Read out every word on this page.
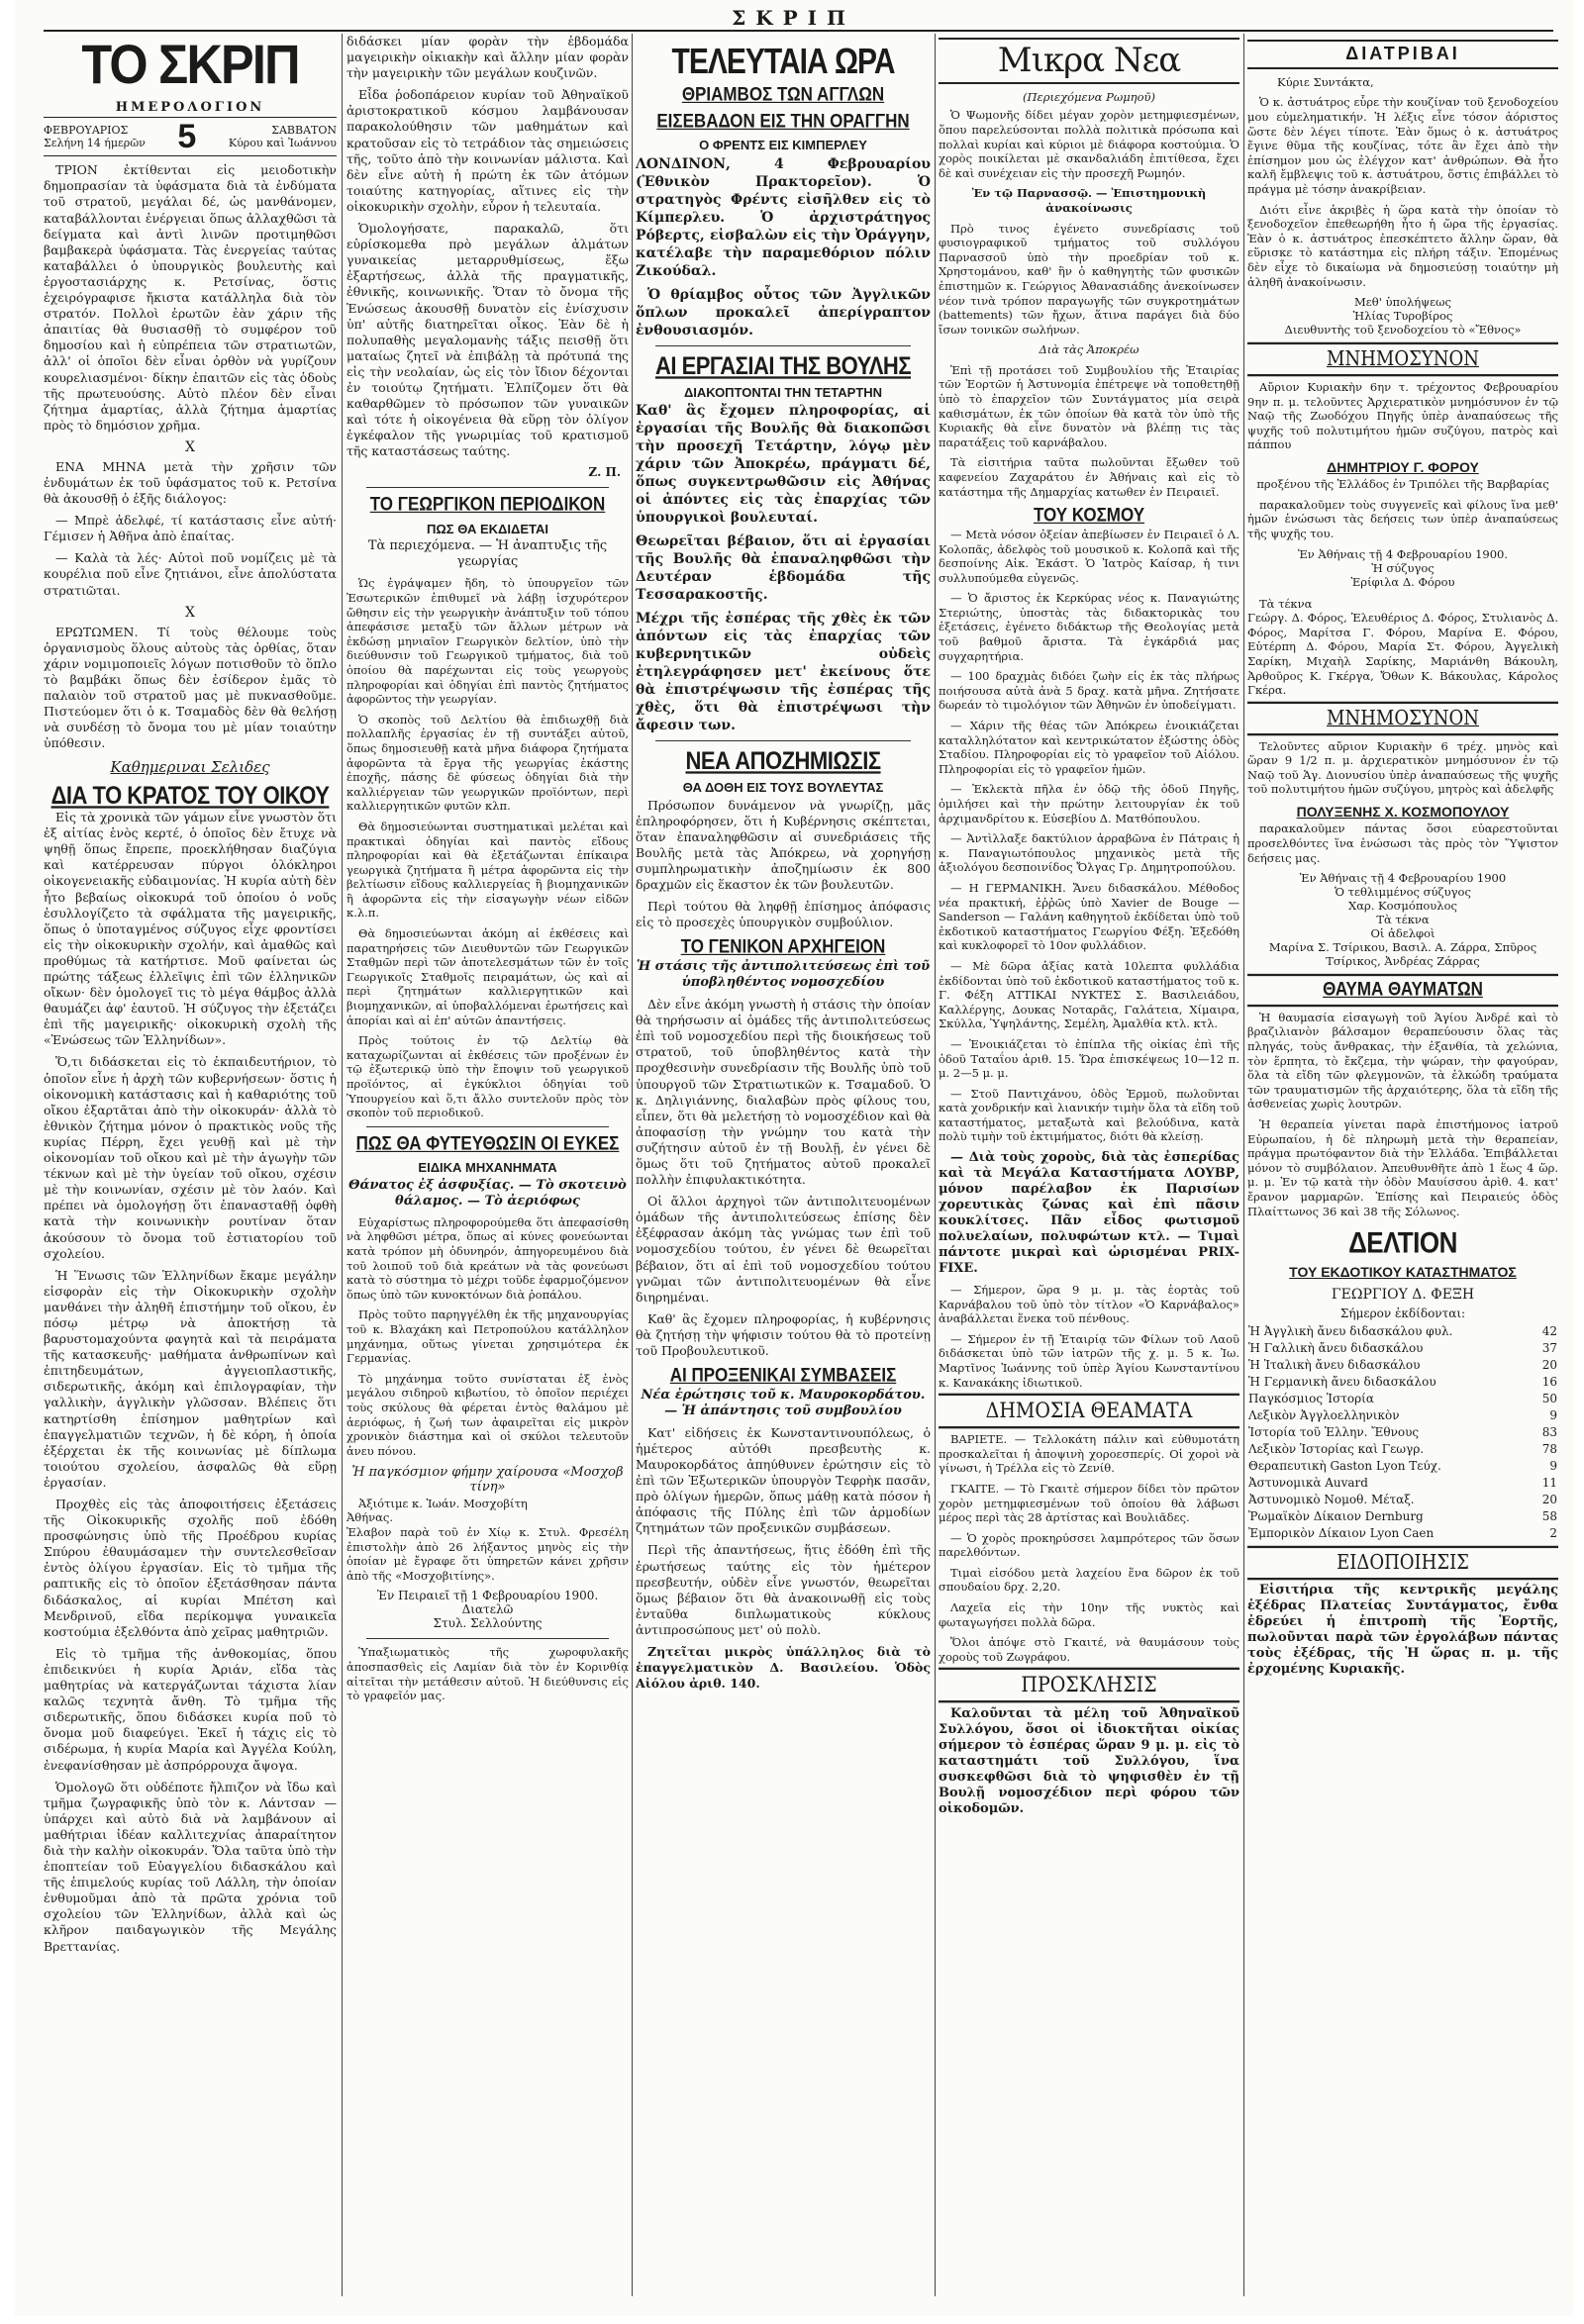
ΣΚΡΙΠ
ΤΟ ΣΚΡΙΠ
ΗΜΕΡΟΛΟΓΙΟΝ
ΦΕΒΡΟΥΑΡΙΟΣ
Σελήνη 14 ήμερῶν 5	ΣΑΒΒΑΤΟΝ
Κύρου καὶ Ἰωάννου

ΤΡΙΟΝ ἐκτίθενται εἰς μειοδοτικὴν δημοπρασίαν τὰ ὑφάσματα διὰ τὰ ἐνδύματα τοῦ στρατοῦ, μεγάλαι δέ, ὡς μανθάνομεν, καταβάλλονται ἐνέργειαι ὅπως ἀλλαχθῶσι τὰ δείγματα καὶ ἀντὶ λινῶν προτιμηθῶσι βαμβακερὰ ὑφάσματα. Τὰς ἐνεργείας ταύτας καταβάλλει ὁ ὑπουργικὸς βουλευτὴς καὶ ἐργοστασιάρχης κ. Ρετσίνας, ὅστις ἐχειρόγραφισε ἤκιστα κατάλληλα διὰ τὸν στρατόν. Πολλοὶ ἐρωτῶν ἐὰν χάριν τῆς ἀπαιτίας θὰ θυσιασθῇ τὸ συμφέρον τοῦ δημοσίου καὶ ἡ εὐπρέπεια τῶν στρατιωτῶν, ἀλλ' οἱ ὁποῖοι δὲν εἶναι ὀρθὸν νὰ γυρίζουν κουρελιασμένοι· δίκην ἐπαιτῶν εἰς τὰς ὁδοὺς τῆς πρωτευούσης. Αὐτὸ πλέον δὲν εἶναι ζήτημα ἁμαρτίας, ἀλλὰ ζήτημα ἁμαρτίας πρὸς τὸ δημόσιον χρῆμα.

Χ

ΕΝΑ ΜΗΝΑ μετὰ τὴν χρῆσιν τῶν ἐνδυμάτων ἐκ τοῦ ὑφάσματος τοῦ κ. Ρετσίνα θὰ ἀκουσθῇ ὁ ἑξῆς διάλογος:

— Μπρὲ ἀδελφέ, τί κατάστασις εἶνε αὐτή· Γέμισεν ἡ Ἀθῆνα ἀπὸ ἐπαίτας.

— Καλὰ τὰ λές· Αὐτοὶ ποῦ νομίζεις μὲ τὰ κουρέλια ποῦ εἶνε ζητιάνοι, εἶνε ἀπολύστατα στρατιῶται.

Χ

ΕΡΩΤΩΜΕΝ. Τί τοὺς θέλουμε τοὺς ὀργανισμοὺς ὅλους αὐτοὺς τὰς ὀρθίας, ὅταν χάριν νομιμοποιεῖς λόγων ποτισθοῦν τὸ ὅπλο τὸ βαμβάκι ὅπως δὲν ἐσίδερον ἐμᾶς τὸ παλαιὸν τοῦ στρατοῦ μας μὲ πυκνασθοῦμε. Πιστεύομεν ὅτι ὁ κ. Τσαμαδὸς δὲν θὰ θελήσῃ νὰ συνδέσῃ τὸ ὄνομα του μὲ μίαν τοιαύτην ὑπόθεσιν.

Καθημεριναι Σελιδες
ΔΙΑ ΤΟ ΚΡΑΤΟΣ ΤΟΥ ΟΙΚΟΥ

Εἰς τὰ χρονικὰ τῶν γάμων εἶνε γνωστὸν ὅτι ἐξ αἰτίας ἑνὸς κερτέ, ὁ ὁποῖος δὲν ἔτυχε νὰ ψηθῇ ὅπως ἔπρεπε, προεκλήθησαν διαζύγια καὶ κατέρρευσαν πύργοι ὁλόκληροι οἰκογενειακῆς εὐδαιμονίας. Ἡ κυρία αὐτὴ δὲν ἦτο βεβαίως οἰκοκυρά τοῦ ὁποίου ὁ νοῦς ἐσυλλογίζετο τὰ σφάλματα τῆς μαγειρικῆς, ὅπως ὁ ὑποταγμένος σύζυγος εἶχε φροντίσει εἰς τὴν οἰκοκυρικὴν σχολήν, καὶ ἀμαθῶς καὶ προθύμως τὰ κατήρτισε. Μοῦ φαίνεται ὡς πρώτης τάξεως ἐλλεῖψις ἐπὶ τῶν ἑλληνικῶν οἴκων· δὲν ὁμολογεῖ τις τὸ μέγα θάμβος ἀλλὰ θαυμάζει ἀφ' ἑαυτοῦ. Ἡ σύζυγος τὴν ἐξετάζει ἐπὶ τῆς μαγειρικῆς· οἰκοκυρικὴ σχολὴ τῆς «Ἑνώσεως τῶν Ἑλληνίδων».

Ὅ,τι διδάσκεται εἰς τὸ ἐκπαιδευτήριον, τὸ ὁποῖον εἶνε ἡ ἀρχὴ τῶν κυβερνήσεων· ὅστις ἡ οἰκονομικὴ κατάστασις καὶ ἡ καθαριότης τοῦ οἴκου ἐξαρτᾶται ἀπὸ τὴν οἰκοκυράν· ἀλλὰ τὸ ἐθνικὸν ζήτημα μόνον ὁ πρακτικὸς νοῦς τῆς κυρίας Πέρρη, ἔχει γευθῇ καὶ μὲ τὴν οἰκονομίαν τοῦ οἴκου καὶ μὲ τὴν ἀγωγὴν τῶν τέκνων καὶ μὲ τὴν ὑγείαν τοῦ οἴκου, σχέσιν μὲ τὴν κοινωνίαν, σχέσιν μὲ τὸν λαόν. Καὶ πρέπει νὰ ὁμολογήσῃ ὅτι ἐπανασταθῇ ὀφθὴ κατὰ τὴν κοινωνικὴν ρουτίναν ὅταν ἀκούσουν τὸ ὄνομα τοῦ ἐστιατορίου τοῦ σχολείου.

Ἡ Ἕνωσις τῶν Ἑλληνίδων ἔκαμε μεγάλην εἰσφορὰν εἰς τὴν Οἰκοκυρικὴν σχολὴν μανθάνει τὴν ἀληθῆ ἐπιστήμην τοῦ οἴκου, ἐν πόσῳ μέτρῳ νὰ ἀποκτήσῃ τὰ βαρυστομαχούντα φαγητὰ καὶ τὰ πειράματα τῆς κατασκευῆς· μαθήματα ἀνθρωπίνων καὶ ἐπιτηδευμάτων, ἀγγειοπλαστικῆς, σιδερωτικῆς, ἀκόμη καὶ ἐπιλογραφίαν, τὴν γαλλικὴν, ἀγγλικὴν γλῶσσαν. Βλέπεις ὅτι κατηρτίσθη ἐπίσημον μαθητρίων καὶ ἐπαγγελματιῶν τεχνῶν, ἡ δὲ κόρη, ἡ ὁποία ἐξέρχεται ἐκ τῆς κοινωνίας μὲ δίπλωμα τοιούτου σχολείου, ἀσφαλῶς θὰ εὕρῃ ἐργασίαν.

Προχθὲς εἰς τὰς ἀποφοιτήσεις ἐξετάσεις τῆς Οἰκοκυρικῆς σχολῆς ποῦ ἐδόθη προσφώνησις ὑπὸ τῆς Προέδρου κυρίας Σπύρου ἐθαυμάσαμεν τὴν συντελεσθεῖσαν ἐντὸς ὀλίγου ἐργασίαν. Εἰς τὸ τμῆμα τῆς ραπτικῆς εἰς τὸ ὁποῖον ἐξετάσθησαν πάντα διδάσκαλος, αἱ κυρίαι Μπέτση καὶ Μενδρινοῦ, εἴδα περίκομψα γυναικεῖα κοστούμια ἐξελθόντα ἀπὸ χεῖρας μαθητριῶν.

Εἰς τὸ τμῆμα τῆς ἀνθοκομίας, ὅπου ἐπιδεικνύει ἡ κυρία Ἀριάν, εἴδα τὰς μαθητρίας νὰ κατεργάζωνται τάχιστα λίαν καλῶς τεχνητὰ ἄνθη. Τὸ τμῆμα τῆς σιδερωτικῆς, ὅπου διδάσκει κυρία ποῦ τὸ ὄνομα μοῦ διαφεύγει. Ἐκεῖ ἡ τάχις εἰς τὸ σιδέρωμα, ἡ κυρία Μαρία καὶ Ἀγγέλα Κούλη, ἐνεφανίσθησαν μὲ ἀσπρόρρουχα ἄψογα.

Ὁμολογῶ ὅτι οὐδέποτε ἤλπιζον νὰ ἴδω καὶ τμῆμα ζωγραφικῆς ὑπὸ τὸν κ. Λάντσαν — ὑπάρχει καὶ αὐτὸ διὰ νὰ λαμβάνουν αἱ μαθήτριαι ἰδέαν καλλιτεχνίας ἀπαραίτητον διὰ τὴν καλὴν οἰκοκυράν. Ὅλα ταῦτα ὑπὸ τὴν ἐποπτείαν τοῦ Εὐαγγελίου διδασκάλου καὶ τῆς ἐπιμελούς κυρίας τοῦ Λάλλη, τὴν ὁποίαν ἐνθυμοῦμαι ἀπὸ τὰ πρῶτα χρόνια τοῦ σχολείου τῶν Ἑλληνίδων, ἀλλὰ καὶ ὡς κλῆρον παιδαγωγικὸν τῆς Μεγάλης Βρεττανίας.

διδάσκει μίαν φορὰν τὴν ἑβδομάδα μαγειρικὴν οἰκιακὴν καὶ ἄλλην μίαν φορὰν τὴν μαγειρικὴν τῶν μεγάλων κουζινῶν.

Εἶδα ῥοδοπάρειον κυρίαν τοῦ Ἀθηναϊκοῦ ἀριστοκρατικοῦ κόσμου λαμβάνουσαν παρακολούθησιν τῶν μαθημάτων καὶ κρατοῦσαν εἰς τὸ τετράδιον τὰς σημειώσεις τῆς, τοῦτο ἀπὸ τὴν κοινωνίαν μάλιστα. Καὶ δὲν εἶνε αὐτὴ ἡ πρώτη ἐκ τῶν ἀτόμων τοιαύτης κατηγορίας, αἵτινες εἰς τὴν οἰκοκυρικὴν σχολὴν, εὗρον ἡ τελευταία.

Ὁμολογήσατε, παρακαλῶ, ὅτι εὑρίσκομεθα πρὸ μεγάλων ἀλμάτων γυναικείας μεταρρυθμίσεως, ἔξω ἐξαρτήσεως, ἀλλὰ τῆς πραγματικῆς, ἐθνικῆς, κοινωνικῆς. Ὅταν τὸ ὄνομα τῆς Ἑνώσεως ἀκουσθῇ δυνατὸν εἰς ἐνίσχυσιν ὑπ' αὐτῆς διατηρεῖται οἶκος. Ἐὰν δὲ ἡ πολυπαθὴς μεγαλομανὴς τάξις πεισθῇ ὅτι ματαίως ζητεῖ νὰ ἐπιβάλῃ τὰ πρότυπά της εἰς τὴν νεολαίαν, ὡς εἰς τὸν ἴδιον δέχονται ἐν τοιούτῳ ζητήματι. Ἐλπίζομεν ὅτι θὰ καθαρθῶμεν τὸ πρόσωπον τῶν γυναικῶν καὶ τότε ἡ οἰκογένεια θὰ εὕρῃ τὸν ὀλίγον ἐγκέφαλον τῆς γνωριμίας τοῦ κρατισμοῦ τῆς καταστάσεως ταύτης.

Ζ. Π.
ΤΟ ΓΕΩΡΓΙΚΟΝ ΠΕΡΙΟΔΙΚΟΝ
ΠΩΣ ΘΑ ΕΚΔΙΔΕΤΑΙ
Τὰ περιεχόμενα. — Ἡ ἀναπτυξις τῆς γεωργίας

Ὡς ἐγράψαμεν ἤδη, τὸ ὑπουργεῖον τῶν Ἐσωτερικῶν ἐπιθυμεῖ νὰ λάβῃ ἰσχυρότερον ὤθησιν εἰς τὴν γεωργικὴν ἀνάπτυξιν τοῦ τόπου ἀπεφάσισε μεταξὺ τῶν ἄλλων μέτρων νὰ ἐκδώσῃ μηνιαῖον Γεωργικὸν δελτίον, ὑπὸ τὴν διεύθυνσιν τοῦ Γεωργικοῦ τμήματος, διὰ τοῦ ὁποίου θὰ παρέχωνται εἰς τοὺς γεωργοὺς πληροφορίαι καὶ ὁδηγίαι ἐπὶ παντὸς ζητήματος ἀφορῶντος τὴν γεωργίαν.

Ὁ σκοπὸς τοῦ Δελτίου θὰ ἐπιδιωχθῇ διὰ πολλαπλῆς ἐργασίας ἐν τῇ συντάξει αὐτοῦ, ὅπως δημοσιευθῇ κατὰ μῆνα διάφορα ζητήματα ἀφορῶντα τὰ ἔργα τῆς γεωργίας ἑκάστης ἐποχῆς, πάσης δὲ φύσεως ὁδηγίαι διὰ τὴν καλλιέργειαν τῶν γεωργικῶν προϊόντων, περὶ καλλιεργητικῶν φυτῶν κλπ.

Θὰ δημοσιεύωνται συστηματικαὶ μελέται καὶ πρακτικαὶ ὁδηγίαι καὶ παντὸς εἴδους πληροφορίαι καὶ θὰ ἐξετάζωνται ἐπίκαιρα γεωργικὰ ζητήματα ἢ μέτρα ἀφορῶντα εἰς τὴν βελτίωσιν εἴδους καλλιεργείας ἢ βιομηχανικῶν ἢ ἀφορῶντα εἰς τὴν εἰσαγωγὴν νέων εἰδῶν κ.λ.π.

Θὰ δημοσιεύωνται ἀκόμη αἱ ἐκθέσεις καὶ παρατηρήσεις τῶν Διευθυντῶν τῶν Γεωργικῶν Σταθμῶν περὶ τῶν ἀποτελεσμάτων τῶν ἐν τοῖς Γεωργικοῖς Σταθμοῖς πειραμάτων, ὡς καὶ αἱ περὶ ζητημάτων καλλιεργητικῶν καὶ βιομηχανικῶν, αἱ ὑποβαλλόμεναι ἐρωτήσεις καὶ ἀπορίαι καὶ αἱ ἐπ' αὐτῶν ἀπαντήσεις.

Πρὸς τούτοις ἐν τῷ Δελτίῳ θὰ καταχωρίζωνται αἱ ἐκθέσεις τῶν προξένων ἐν τῷ ἐξωτερικῷ ὑπὸ τὴν ἔποψιν τοῦ γεωργικοῦ προϊόντος, αἱ ἐγκύκλιοι ὁδηγίαι τοῦ Ὑπουργείου καὶ ὅ,τι ἄλλο συντελοῦν πρὸς τὸν σκοπὸν τοῦ περιοδικοῦ.

ΠΩΣ ΘΑ ΦΥΤΕΥΘΩΣΙΝ ΟΙ ΕΥΚΕΣ
ΕΙΔΙΚΑ ΜΗΧΑΝΗΜΑΤΑ
Θάνατος ἐξ ἀσφυξίας. — Τὸ σκοτεινὸ θάλαμος. — Τὸ ἀεριόφως

Εὐχαρίστως πληροφορούμεθα ὅτι ἀπεφασίσθη νὰ ληφθῶσι μέτρα, ὅπως αἱ κύνες φονεύωνται κατὰ τρόπον μὴ ὀδυνηρόν, ἀπηγορευμένου διὰ τοῦ λοιποῦ τοῦ διὰ κρεάτων νὰ τὰς φονεύωσι κατὰ τὸ σύστημα τὸ μέχρι τοῦδε ἐφαρμοζόμενον ὅπως ὑπὸ τῶν κυνοκτόνων διὰ ῥοπάλου.

Πρὸς τοῦτο παρηγγέλθη ἐκ τῆς μηχανουργίας τοῦ κ. Βλαχάκη καὶ Πετροπούλου κατάλληλον μηχάνημα, οὕτως γίνεται χρησιμότερα ἐκ Γερμανίας.

Τὸ μηχάνημα τοῦτο συνίσταται ἐξ ἑνὸς μεγάλου σιδηροῦ κιβωτίου, τὸ ὁποῖον περιέχει τοὺς σκύλους θὰ φέρεται ἐντὸς θαλάμου μὲ ἀεριόφως, ἡ ζωή των ἀφαιρεῖται εἰς μικρὸν χρονικὸν διάστημα καὶ οἱ σκύλοι τελευτοῦν ἀνευ πόνου.

Ἡ παγκόσμιον φήμην χαίρουσα «Μοσχοβ τίνη»

Ἀξιότιμε κ. Ἰωάν. Μοσχοβίτη
Ἀθήνας.
Ἐλαβον παρὰ τοῦ ἐν Χίῳ κ. Στυλ. Φρεσέλη ἐπιστολὴν ἀπὸ 26 λήξαντος μηνὸς εἰς τὴν ὁποίαν μὲ ἔγραφε ὅτι ὑπηρετῶν κάνει χρῆσιν ἀπὸ τῆς «Μοσχοβιτίνης».

Ἐν Πειραιεῖ τῇ 1 Φεβρουαρίου 1900.
Διατελῶ
Στυλ. Σελλούντης

Ὑπαξιωματικὸς τῆς χωροφυλακῆς ἀποσπασθεὶς εἰς Λαμίαν διὰ τὸν ἐν Κορινθίᾳ αἰτεῖται τὴν μετάθεσιν αὐτοῦ. Ἡ διεύθυνσις εἰς τὸ γραφεῖόν μας.

ΤΕΛΕΥΤΑΙΑ ΩΡΑ
ΘΡΙΑΜΒΟΣ ΤΩΝ ΑΓΓΛΩΝ
ΕΙΣΕΒΑΔΟΝ ΕΙΣ ΤΗΝ ΟΡΑΓΓΗΝ
Ο ΦΡΕΝΤΣ ΕΙΣ ΚΙΜΠΕΡΛΕΥ
ΛΟΝΔΙΝΟΝ, 4 Φεβρουαρίου (Ἐθνικὸν Πρακτορεῖον). Ὁ στρατηγὸς Φρέντς εἰσῆλθεν εἰς τὸ Κίμπερλευ. Ὁ ἀρχιστράτηγος Ρόβερτς, εἰσβαλὼν εἰς τὴν Ὀράγγην, κατέλαβε τὴν παραμεθόριον πόλιν Ζικούδαλ.

Ὁ θρίαμβος οὗτος τῶν Ἀγγλικῶν ὅπλων προκαλεῖ ἀπερίγραπτον ἐνθουσιασμόν.

ΑΙ ΕΡΓΑΣΙΑΙ ΤΗΣ ΒΟΥΛΗΣ
ΔΙΑΚΟΠΤΟΝΤΑΙ ΤΗΝ ΤΕΤΑΡΤΗΝ
Καθ' ἃς ἔχομεν πληροφορίας, αἱ ἐργασίαι τῆς Βουλῆς θὰ διακοπῶσι τὴν προσεχῆ Τετάρτην, λόγῳ μὲν χάριν τῶν Ἀποκρέω, πράγματι δέ, ὅπως συγκεντρωθῶσιν εἰς Ἀθήνας οἱ ἀπόντες εἰς τὰς ἐπαρχίας τῶν ὑπουργικοὶ βουλευταί.
Θεωρεῖται βέβαιον, ὅτι αἱ ἐργασίαι τῆς Βουλῆς θὰ ἐπαναληφθῶσι τὴν Δευτέραν ἑβδομάδα τῆς Τεσσαρακοστῆς.
Μέχρι τῆς ἐσπέρας τῆς χθὲς ἐκ τῶν ἀπόντων εἰς τὰς ἐπαρχίας τῶν κυβερνητικῶν οὐδεὶς ἐτηλεγράφησεν μετ' ἐκείνους ὅτε θὰ ἐπιστρέψωσιν τῆς ἐσπέρας τῆς χθὲς, ὅτι θὰ ἐπιστρέψωσι τὴν ἄφεσιν των.
ΝΕΑ ΑΠΟΖΗΜΙΩΣΙΣ
ΘΑ ΔΟΘΗ ΕΙΣ ΤΟΥΣ ΒΟΥΛΕΥΤΑΣ

Πρόσωπον δυνάμενον νὰ γνωρίζῃ, μᾶς ἐπληροφόρησεν, ὅτι ἡ Κυβέρνησις σκέπτεται, ὅταν ἐπαναληφθῶσιν αἱ συνεδριάσεις τῆς Βουλῆς μετὰ τὰς Ἀπόκρεω, νὰ χορηγήσῃ συμπληρωματικὴν ἀποζημίωσιν ἐκ 800 δραχμῶν εἰς ἕκαστον ἐκ τῶν βουλευτῶν.

Περὶ τούτου θὰ ληφθῇ ἐπίσημος ἀπόφασις εἰς τὸ προσεχὲς ὑπουργικὸν συμβούλιον.

ΤΟ ΓΕΝΙΚΟΝ ΑΡΧΗΓΕΙΟΝ
Ἡ στάσις τῆς ἀντιπολιτεύσεως ἐπὶ τοῦ ὑποβληθέντος νομοσχεδίου

Δὲν εἶνε ἀκόμη γνωστὴ ἡ στάσις τὴν ὁποίαν θὰ τηρήσωσιν αἱ ὁμάδες τῆς ἀντιπολιτεύσεως ἐπὶ τοῦ νομοσχεδίου περὶ τῆς διοικήσεως τοῦ στρατοῦ, τοῦ ὑποβληθέντος κατὰ τὴν προχθεσινὴν συνεδρίασιν τῆς Βουλῆς ὑπὸ τοῦ ὑπουργοῦ τῶν Στρατιωτικῶν κ. Τσαμαδοῦ. Ὁ κ. Δηλιγιάννης, διαλαβὼν πρὸς φίλους του, εἶπεν, ὅτι θὰ μελετήσῃ τὸ νομοσχέδιον καὶ θὰ ἀποφασίσῃ τὴν γνώμην του κατὰ τὴν συζήτησιν αὐτοῦ ἐν τῇ Βουλῇ, ἐν γένει δὲ ὅμως ὅτι τοῦ ζητήματος αὐτοῦ προκαλεῖ πολλὴν ἐπιφυλακτικότητα.

Οἱ ἄλλοι ἀρχηγοὶ τῶν ἀντιπολιτευομένων ὁμάδων τῆς ἀντιπολιτεύσεως ἐπίσης δὲν ἐξέφρασαν ἀκόμη τὰς γνώμας των ἐπὶ τοῦ νομοσχεδίου τούτου, ἐν γένει δὲ θεωρεῖται βέβαιον, ὅτι αἱ ἐπὶ τοῦ νομοσχεδίου τούτου γνῶμαι τῶν ἀντιπολιτευομένων θὰ εἶνε διηρημέναι.

Καθ' ἃς ἔχομεν πληροφορίας, ἡ κυβέρνησις θὰ ζητήσῃ τὴν ψήφισιν τούτου θὰ τὸ προτείνῃ τοῦ Προβουλευτικοῦ.

ΑΙ ΠΡΟΞΕΝΙΚΑΙ ΣΥΜΒΑΣΕΙΣ
Νέα ἐρώτησις τοῦ κ. Μαυροκορδάτου. — Ἡ ἀπάντησις τοῦ συμβουλίου

Κατ' εἰδήσεις ἐκ Κωνσταντινουπόλεως, ὁ ἡμέτερος αὐτόθι πρεσβευτὴς κ. Μαυροκορδάτος ἀπηύθυνεν ἐρώτησιν εἰς τὸ ἐπὶ τῶν Ἐξωτερικῶν ὑπουργὸν Τεφρὴκ πασᾶν, πρὸ ὀλίγων ἡμερῶν, ὅπως μάθῃ κατὰ πόσον ἡ ἀπόφασις τῆς Πύλης ἐπὶ τῶν ἀρμοδίων ζητημάτων τῶν προξενικῶν συμβάσεων.

Περὶ τῆς ἀπαντήσεως, ἥτις ἐδόθη ἐπὶ τῆς ἐρωτήσεως ταύτης εἰς τὸν ἡμέτερον πρεσβευτήν, οὐδὲν εἶνε γνωστόν, θεωρεῖται ὅμως βέβαιον ὅτι θὰ ἀνακοινωθῇ εἰς τοὺς ἐνταῦθα διπλωματικοὺς κύκλους ἀντιπροσώπους μετ' οὐ πολὺ.

Ζητεῖται μικρὸς ὑπάλληλος διὰ τὸ ἐπαγγελματικὸν Δ. Βασιλείου. Ὁδὸς Αἰόλου ἀριθ. 140.

Μικρα Νεα
(Περιεχόμενα Ρωμηοῦ)

Ὁ Ψωμονῆς δίδει μέγαν χορὸν μετημφιεσμένων, ὅπου παρελεύσονται πολλὰ πολιτικὰ πρόσωπα καὶ πολλαὶ κυρίαι καὶ κύριοι μὲ διάφορα κοστούμια. Ὁ χορὸς ποικίλεται μὲ σκανδαλιάδη ἐπιτίθεσα, ἔχει δὲ καὶ συνέχειαν εἰς τὴν προσεχῆ Ρωμηόν.

Ἐν τῷ Παρνασσῷ. — Ἐπιστημονικὴ ἀνακοίνωσις

Πρὸ τινος ἐγένετο συνεδρίασις τοῦ φυσιογραφικοῦ τμήματος τοῦ συλλόγου Παρνασσοῦ ὑπὸ τὴν προεδρίαν τοῦ κ. Χρηστομάνου, καθ' ἣν ὁ καθηγητὴς τῶν φυσικῶν ἐπιστημῶν κ. Γεώργιος Ἀθανασιάδης ἀνεκοίνωσεν νέον τινὰ τρόπον παραγωγῆς τῶν συγκροτημάτων (battements) τῶν ἤχων, ἅτινα παράγει διὰ δύο ἴσων τονικῶν σωλήνων.

Διὰ τὰς Ἀποκρέω

Ἐπὶ τῇ προτάσει τοῦ Συμβουλίου τῆς Ἐταιρίας τῶν Ἑορτῶν ἡ Ἀστυνομία ἐπέτρεψε νὰ τοποθετηθῇ ὑπὸ τὸ ἐπαρχεῖον τῶν Συντάγματος μία σειρὰ καθισμάτων, ἐκ τῶν ὁποίων θὰ κατὰ τὸν ὑπὸ τῆς Κυριακῆς θὰ εἶνε δυνατὸν νὰ βλέπῃ τις τὰς παρατάξεις τοῦ καρνάβαλου.

Τὰ εἰσιτήρια ταῦτα πωλοῦνται ἔξωθεν τοῦ καφενείου Ζαχαράτου ἐν Ἀθήναις καὶ εἰς τὸ κατάστημα τῆς Δημαρχίας κατωθεν ἐν Πειραιεῖ.

ΤΟΥ ΚΟΣΜΟΥ

— Μετὰ νόσον ὀξείαν ἀπεβίωσεν ἐν Πειραιεῖ ὁ Λ. Κολοπᾶς, ἀδελφὸς τοῦ μουσικοῦ κ. Κολοπᾶ καὶ τῆς δεσποίνης Αἰκ. Ἐκάστ. Ὁ Ἰατρὸς Καίσαρ, ἡ τινι συλλυπούμεθα εὐγενῶς.

— Ὁ ἄριστος ἐκ Κερκύρας νέος κ. Παναγιώτης Στεριώτης, ὑποστὰς τὰς διδακτορικὰς του ἐξετάσεις, ἐγένετο διδάκτωρ τῆς Θεολογίας μετὰ τοῦ βαθμοῦ ἄριστα. Τὰ ἐγκάρδιά μας συγχαρητήρια.

— 100 δραχμὰς διδόει ζωὴν εἰς ἐκ τὰς πλήρως ποιήσουσα αὐτὰ ἀνὰ 5 δραχ. κατὰ μῆνα. Ζητήσατε δωρεάν τὸ τιμολόγιον τῶν Ἀθηνῶν ἐν ὑποδείγματι.

— Χάριν τῆς θέας τῶν Ἀπόκρεω ἐνοικιάζεται καταλληλότατον καὶ κεντρικώτατον ἐξώστης ὁδὸς Σταδίου. Πληροφορίαι εἰς τὸ γραφεῖον τοῦ Αἰόλου. Πληροφορίαι εἰς τὸ γραφεῖον ἡμῶν.

— Ἐκλεκτὰ πῆλα ἐν ὁδῷ τῆς ὁδοῦ Πηγῆς, ὁμιλήσει καὶ τὴν πρώτην λειτουργίαν ἐκ τοῦ ἀρχιμανδρίτου κ. Εὐσεβίου Δ. Ματθόπουλου.

— Ἀντὶλλαξε δακτύλιον ἀρραβῶνα ἐν Πάτραις ἡ κ. Παναγιωτόπουλος μηχανικὸς μετὰ τῆς ἀξιολόγου δεσποινίδος Ὄλγας Γρ. Δημητροπούλου.

— Η ΓΕΡΜΑΝΙΚΗ. Ἄνευ διδασκάλου. Μέθοδος νέα πρακτική, ἐῤῥῶς ὑπὸ Xavier de Bouge — Sanderson — Γαλάνη καθηγητοῦ ἐκδίδεται ὑπὸ τοῦ ἐκδοτικοῦ καταστήματος Γεωργίου Φέξη. Ἐξεδόθη καὶ κυκλοφορεῖ τὸ 10ον φυλλάδιον.

— Μὲ δῶρα ἀξίας κατὰ 10λεπτα φυλλάδια ἐκδίδονται ὑπὸ τοῦ ἐκδοτικοῦ καταστήματος τοῦ κ. Γ. Φέξη ΑΤΤΙΚΑΙ ΝΥΚΤΕΣ Σ. Βασιλειάδου, Καλλέργης, Δουκας Νοταρᾶς, Γαλάτεια, Χίμαιρα, Σκύλλα, Ὑψηλάντης, Σεμέλη, Ἀμαλθία κτλ. κτλ.

— Ἐνοικιάζεται τὸ ἐπίπλα τῆς οἰκίας ἐπὶ τῆς ὁδοῦ Ταταΐου ἀριθ. 15. Ὥρα ἐπισκέψεως 10—12 π. μ. 2—5 μ. μ.

— Στοῦ Παντιχάνου, ὁδὸς Ἑρμοῦ, πωλοῦνται κατὰ χονδρικήν καὶ λιανικήν τιμὴν ὅλα τὰ εἴδη τοῦ καταστήματος, μεταξωτὰ καὶ βελούδινα, κατὰ πολὺ τιμὴν τοῦ ἐκτιμήματος, διότι θὰ κλείσῃ.

— Διὰ τοὺς χοροὺς, διὰ τὰς ἐσπερίδας καὶ τὰ Μεγάλα Καταστήματα ΛΟΥΒΡ, μόνον παρέλαβον ἐκ Παρισίων χορευτικὰς ζώνας καὶ ἐπὶ πᾶσιν κουκλίτσες. Πᾶν εἶδος φωτισμοῦ πολυελαίων, πολυφώτων κτλ. — Τιμαὶ πάντοτε μικραὶ καὶ ὡρισμέναι PRIX-FIXE.

— Σήμερον, ὥρα 9 μ. μ. τὰς ἑορτὰς τοῦ Καρνάβαλου τοῦ ὑπὸ τὸν τίτλον «Ὁ Καρνάβαλος» ἀναβάλλεται ἕνεκα τοῦ πένθους.

— Σήμερον ἐν τῇ Ἑταιρίᾳ τῶν Φίλων τοῦ Λαοῦ διδάσκεται ὑπὸ τῶν ἰατρῶν τῆς χ. μ. 5 κ. Ἰω. Μαρτῖνος Ἰωάννης τοῦ ὑπὲρ Ἁγίου Κωνσταντίνου κ. Κανακάκης ἰδιωτικοῦ.

ΔΗΜΟΣΙΑ ΘΕΑΜΑΤΑ

ΒΑΡΙΕΤΕ. — Τελλοκάτη πάλιν καὶ εὐθυμοτάτη προσκαλεῖται ἡ ἀποψινὴ χοροεσπερίς. Οἱ χοροὶ νὰ γίνωσι, ἡ Τρέλλα εἰς τὸ Ζενίθ.

ΓΚΑΙΤΕ. — Τὸ Γκαιτὲ σήμερον δίδει τὸν πρῶτον χορὸν μετημφιεσμένων τοῦ ὁποίου θὰ λάβωσι μέρος περὶ τὰς 28 ἀρτίστας καὶ Βουλιᾶδες.

— Ὁ χορὸς προκηρύσσει λαμπρότερος τῶν ὅσων παρελθόντων.

Τιμαὶ εἰσόδου μετὰ λαχείου ἕνα δῶρον ἐκ τοῦ σπουδαίου δρχ. 2,20.

Λαχεῖα εἰς τὴν 10ην τῆς νυκτὸς καὶ φωταγωγήσει πολλὰ δῶρα.

Ὅλοι ἀπόψε στὸ Γκαιτέ, νὰ θαυμάσουν τοὺς χοροὺς τοῦ Ζωγράφου.

ΠΡΟΣΚΛΗΣΙΣ

Καλοῦνται τὰ μέλη τοῦ Ἀθηναϊκοῦ Συλλόγου, ὅσοι οἱ ἰδιοκτῆται οἰκίας σήμερον τὸ ἑσπέρας ὥραν 9 μ. μ. εἰς τὸ καταστημάτι τοῦ Συλλόγου, ἵνα συσκεφθῶσι διὰ τὸ ψηφισθὲν ἐν τῇ Βουλῇ νομοσχέδιον περὶ φόρου τῶν οἰκοδομῶν.

ΔΙΑΤΡΙΒΑΙ

Κύριε Συντάκτα,

Ὁ κ. ἀστυάτρος εὗρε τὴν κουζίναν τοῦ ξενοδοχείου μου εὐμεληματικήν. Ἡ λέξις εἶνε τόσον ἀόριστος ὥστε δὲν λέγει τίποτε. Ἐὰν ὅμως ὁ κ. ἀστυάτρος ἔγινε θῦμα τῆς κουζίνας, τότε ἂν ἔχει ἀπὸ τὴν ἐπίσημον μου ὡς ἐλέγχον κατ' ἀνθρώπων. Θὰ ἦτο καλῆ ἔμβλεψις τοῦ κ. ἀστυάτρου, ὅστις ἐπιβάλλει τὸ πράγμα μὲ τόσην ἀνακρίβειαν.

Διότι εἶνε ἀκριβὲς ἡ ὥρα κατὰ τὴν ὁποίαν τὸ ξενοδοχεῖον ἐπεθεωρήθη ἦτο ἡ ὥρα τῆς ἐργασίας. Ἐὰν ὁ κ. ἀστυάτρος ἐπεσκέπτετο ἄλλην ὥραν, θὰ εὕρισκε τὸ κατάστημα εἰς πλήρη τάξιν. Ἐπομένως δὲν εἶχε τὸ δικαίωμα νὰ δημοσιεύσῃ τοιαύτην μὴ ἀληθῆ ἀνακοίνωσιν.

Μεθ' ὑπολήψεως
Ἠλίας Τυροβίρος
Διευθυντὴς τοῦ ξενοδοχείου τὸ «Ἔθνος»
ΜΝΗΜΟΣΥΝΟΝ

Αὔριον Κυριακὴν 6ην τ. τρέχοντος Φεβρουαρίου 9ην π. μ. τελοῦντες Ἀρχιερατικὸν μνημόσυνον ἐν τῷ Ναῷ τῆς Ζωοδόχου Πηγῆς ὑπὲρ ἀναπαύσεως τῆς ψυχῆς τοῦ πολυτιμήτου ἡμῶν συζύγου, πατρὸς καὶ πάππου

ΔΗΜΗΤΡΙΟΥ Γ. ΦΟΡΟΥ

προξένου τῆς Ἑλλάδος ἐν Τριπόλει τῆς Βαρβαρίας

παρακαλοῦμεν τοὺς συγγενεῖς καὶ φίλους ἵνα μεθ' ἡμῶν ἑνώσωσι τὰς δεήσεις των ὑπὲρ ἀναπαύσεως τῆς ψυχῆς του.

Ἐν Ἀθήναις τῇ 4 Φεβρουαρίου 1900.
Ἡ σύζυγος
Ἐρίφιλα Δ. Φόρου

Τὰ τέκνα
Γεώργ. Δ. Φόρος, Ἐλευθέριος Δ. Φόρος, Στυλιανὸς Δ. Φόρος, Μαρίτσα Γ. Φόρου, Μαρίνα Ε. Φόρου, Εὐτέρπη Δ. Φόρου, Μαρία Στ. Φόρου, Ἀγγελικὴ Σαρίκη, Μιχαὴλ Σαρίκης, Μαριάνθη Βάκουλη, Ἀρθοῦρος Κ. Γκέργα, Ὄθων Κ. Βάκουλας, Κάρολος Γκέρα.

ΜΝΗΜΟΣΥΝΟΝ

Τελοῦντες αὔριον Κυριακὴν 6 τρέχ. μηνὸς καὶ ὥραν 9 1/2 π. μ. ἀρχιερατικὸν μνημόσυνον ἐν τῷ Ναῷ τοῦ Ἁγ. Διονυσίου ὑπὲρ ἀναπαύσεως τῆς ψυχῆς τοῦ πολυτιμήτου ἡμῶν συζύγου, μητρὸς καὶ ἀδελφῆς

ΠΟΛΥΞΕΝΗΣ Χ. ΚΟΣΜΟΠΟΥΛΟΥ

παρακαλοῦμεν πάντας ὅσοι εὐαρεστοῦνται προσελθόντες ἵνα ἑνώσωσι τὰς πρὸς τὸν Ὕψιστον δεήσεις μας.

Ἐν Ἀθήναις τῇ 4 Φεβρουαρίου 1900
Ὁ τεθλιμμένος σύζυγος
Χαρ. Κοσμόπουλος
Τὰ τέκνα
Οἱ ἀδελφοὶ
Μαρίνα Σ. Τσίρικου, Βασιλ. Α. Ζάρρα, Σπῦρος Τσίρικος, Ἀνδρέας Ζάρρας
ΘΑΥΜΑ ΘΑΥΜΑΤΩΝ

Ἡ θαυμασία εἰσαγωγὴ τοῦ Ἁγίου Ἀνδρέ καὶ τὸ βραζιλιανὸν βάλσαμον θεραπεύουσιν ὅλας τὰς πληγάς, τοὺς ἄνθρακας, τὴν ἐξανθία, τὰ χελώνια, τὸν ἕρπητα, τὸ ἔκζεμα, τὴν ψώραν, τὴν φαγούραν, ὅλα τὰ εἴδη τῶν φλεγμονῶν, τὰ ἐλκώδη τραύματα τῶν τραυματισμῶν τῆς ἀρχαιότερης, ὅλα τὰ εἴδη τῆς ἀσθενείας χωρὶς λουτρῶν.

Ἡ θεραπεία γίνεται παρὰ ἐπιστήμονος ἰατροῦ Εὐρωπαίου, ἡ δὲ πληρωμὴ μετὰ τὴν θεραπείαν, πράγμα πρωτόφαντον διὰ τὴν Ἑλλάδα. Ἐπιβάλλεται μόνον τὸ συμβόλαιον. Ἀπευθυνθῆτε ἀπὸ 1 ἕως 4 ὥρ. μ. μ. Ἐν τῷ κατὰ τὴν ὁδὸν Μαυίσσου ἀρὶθ. 4. κατ' ἔρανον μαρμαρῶν. Ἐπίσης καὶ Πειραιεύς ὁδὸς Πλαίττωνος 36 καὶ 38 τῆς Σόλωνος.

ΔΕΛΤΙΟΝ
ΤΟΥ ΕΚΔΟΤΙΚΟΥ ΚΑΤΑΣΤΗΜΑΤΟΣ
ΓΕΩΡΓΙΟΥ Δ. ΦΕΞΗ
Σήμερον ἐκδίδονται:
Ἡ Ἀγγλικὴ ἄνευ διδασκάλου φυλ.	42
Ἡ Γαλλικὴ ἄνευ διδασκάλου	37
Ἡ Ἰταλικὴ ἄνευ διδασκάλου	20
Ἡ Γερμανικὴ ἄνευ διδασκάλου	16
Παγκόσμιος Ἱστορία	50
Λεξικὸν Ἀγγλοελληνικὸν	9
Ἱστορία τοῦ Ἑλλην. Ἔθνους	83
Λεξικὸν Ἱστορίας καὶ Γεωγρ.	78
Θεραπευτικὴ Gaston Lyon Τεύχ.	9
Ἀστυνομικὰ Auvard	11
Ἀστυνομικὸ Νομοθ. Μέταξ.	20
Ῥωμαϊκὸν Δίκαιον Dernburg	58
Ἐμπορικὸν Δίκαιον Lyon Caen	2
ΕΙΔΟΠΟΙΗΣΙΣ

Εἰσιτήρια τῆς κεντρικῆς μεγάλης ἐξέδρας Πλατείας Συντάγματος, ἔνθα ἐδρεύει ἡ ἐπιτροπὴ τῆς Ἑορτῆς, πωλοῦνται παρὰ τῶν ἐργολάβων πάντας τοὺς ἐξέδρας, τῆς Ἡ ὥρας π. μ. τῆς ἐρχομένης Κυριακῆς.
